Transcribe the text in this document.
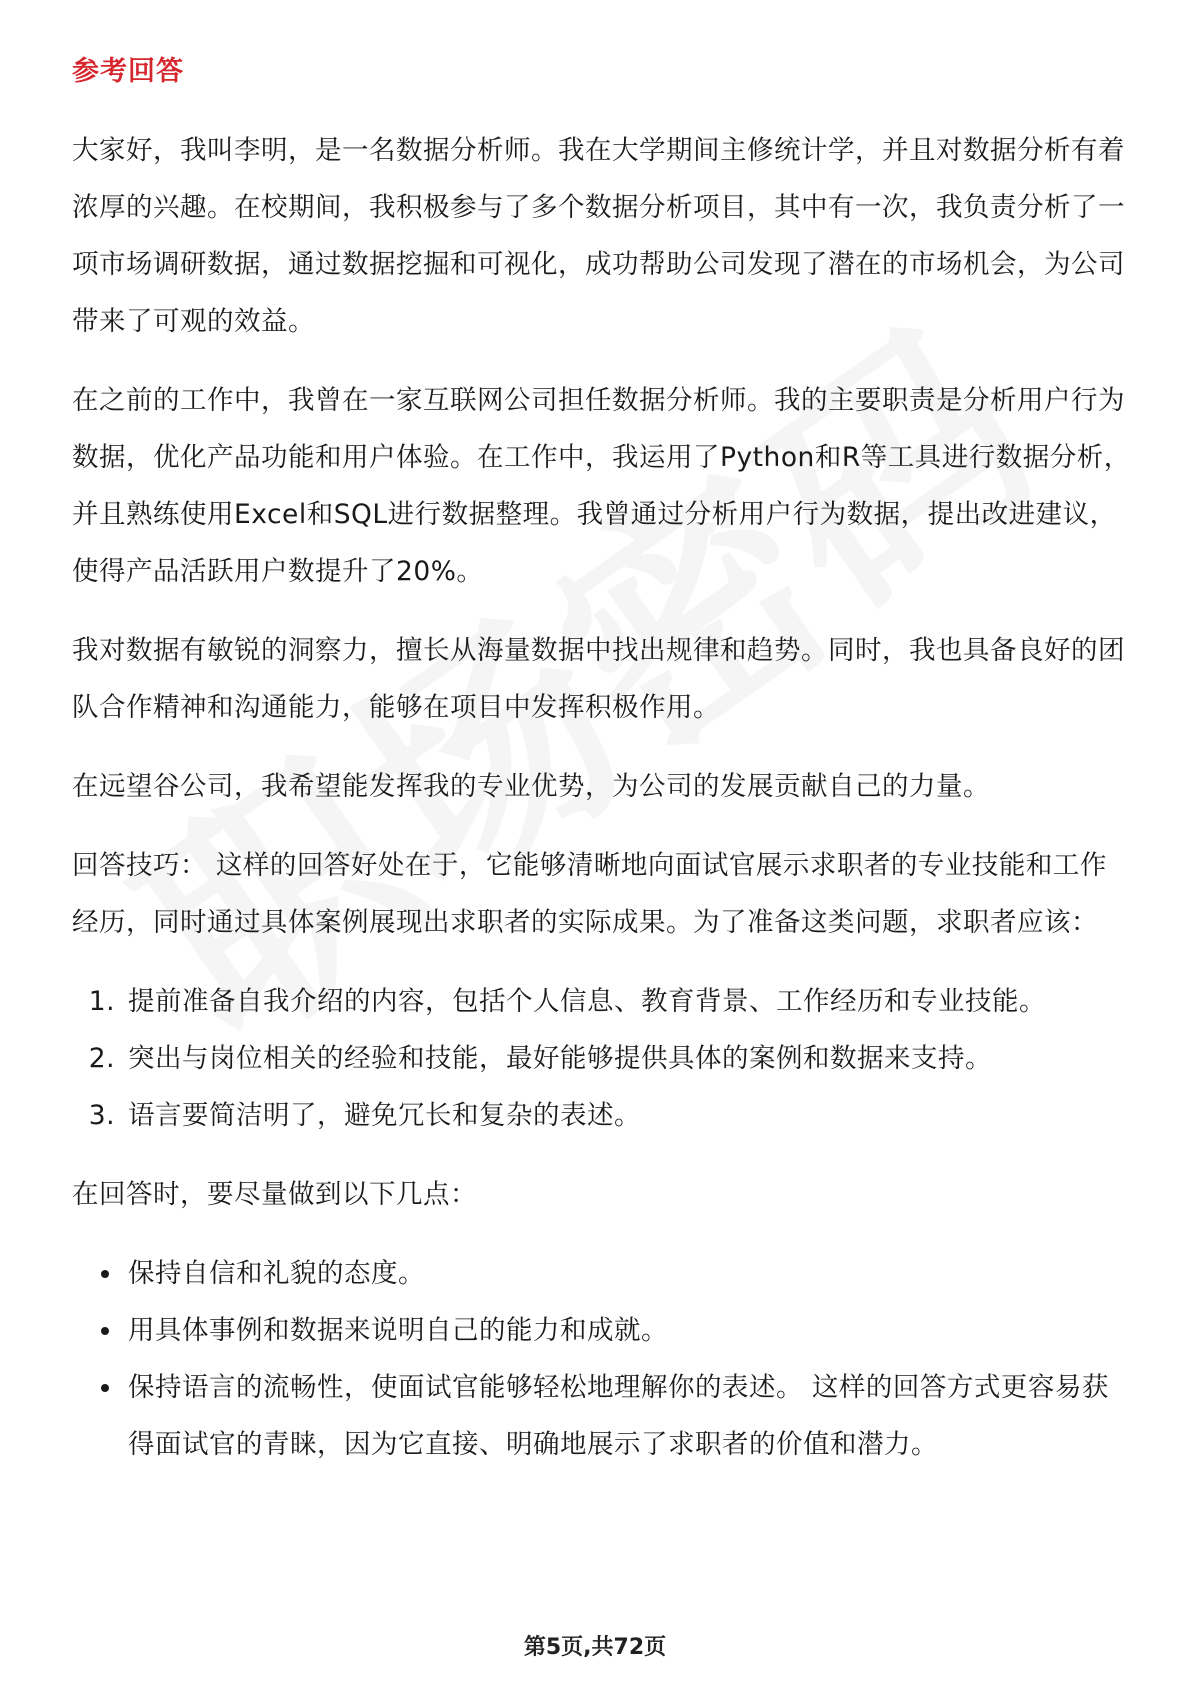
参考回答

大家好，我叫李明，是一名数据分析师。我在大学期间主修统计学，并且对数据分析有着浓厚的兴趣。在校期间，我积极参与了多个数据分析项目，其中有一次，我负责分析了一项市场调研数据，通过数据挖掘和可视化，成功帮助公司发现了潜在的市场机会，为公司带来了可观的效益。

在之前的工作中，我曾在一家互联网公司担任数据分析师。我的主要职责是分析用户行为数据，优化产品功能和用户体验。在工作中，我运用了Python和R等工具进行数据分析，并且熟练使用Excel和SQL进行数据整理。我曾通过分析用户行为数据，提出改进建议，使得产品活跃用户数提升了20%。

我对数据有敏锐的洞察力，擅长从海量数据中找出规律和趋势。同时，我也具备良好的团队合作精神和沟通能力，能够在项目中发挥积极作用。

在远望谷公司，我希望能发挥我的专业优势，为公司的发展贡献自己的力量。

回答技巧： 这样的回答好处在于，它能够清晰地向面试官展示求职者的专业技能和工作经历，同时通过具体案例展现出求职者的实际成果。为了准备这类问题，求职者应该：

1. 提前准备自我介绍的内容，包括个人信息、教育背景、工作经历和专业技能。
2. 突出与岗位相关的经验和技能，最好能够提供具体的案例和数据来支持。
3. 语言要简洁明了，避免冗长和复杂的表述。

在回答时，要尽量做到以下几点：

• 保持自信和礼貌的态度。
• 用具体事例和数据来说明自己的能力和成就。
• 保持语言的流畅性，使面试官能够轻松地理解你的表述。 这样的回答方式更容易获得面试官的青睐，因为它直接、明确地展示了求职者的价值和潜力。
第5页,共72页
